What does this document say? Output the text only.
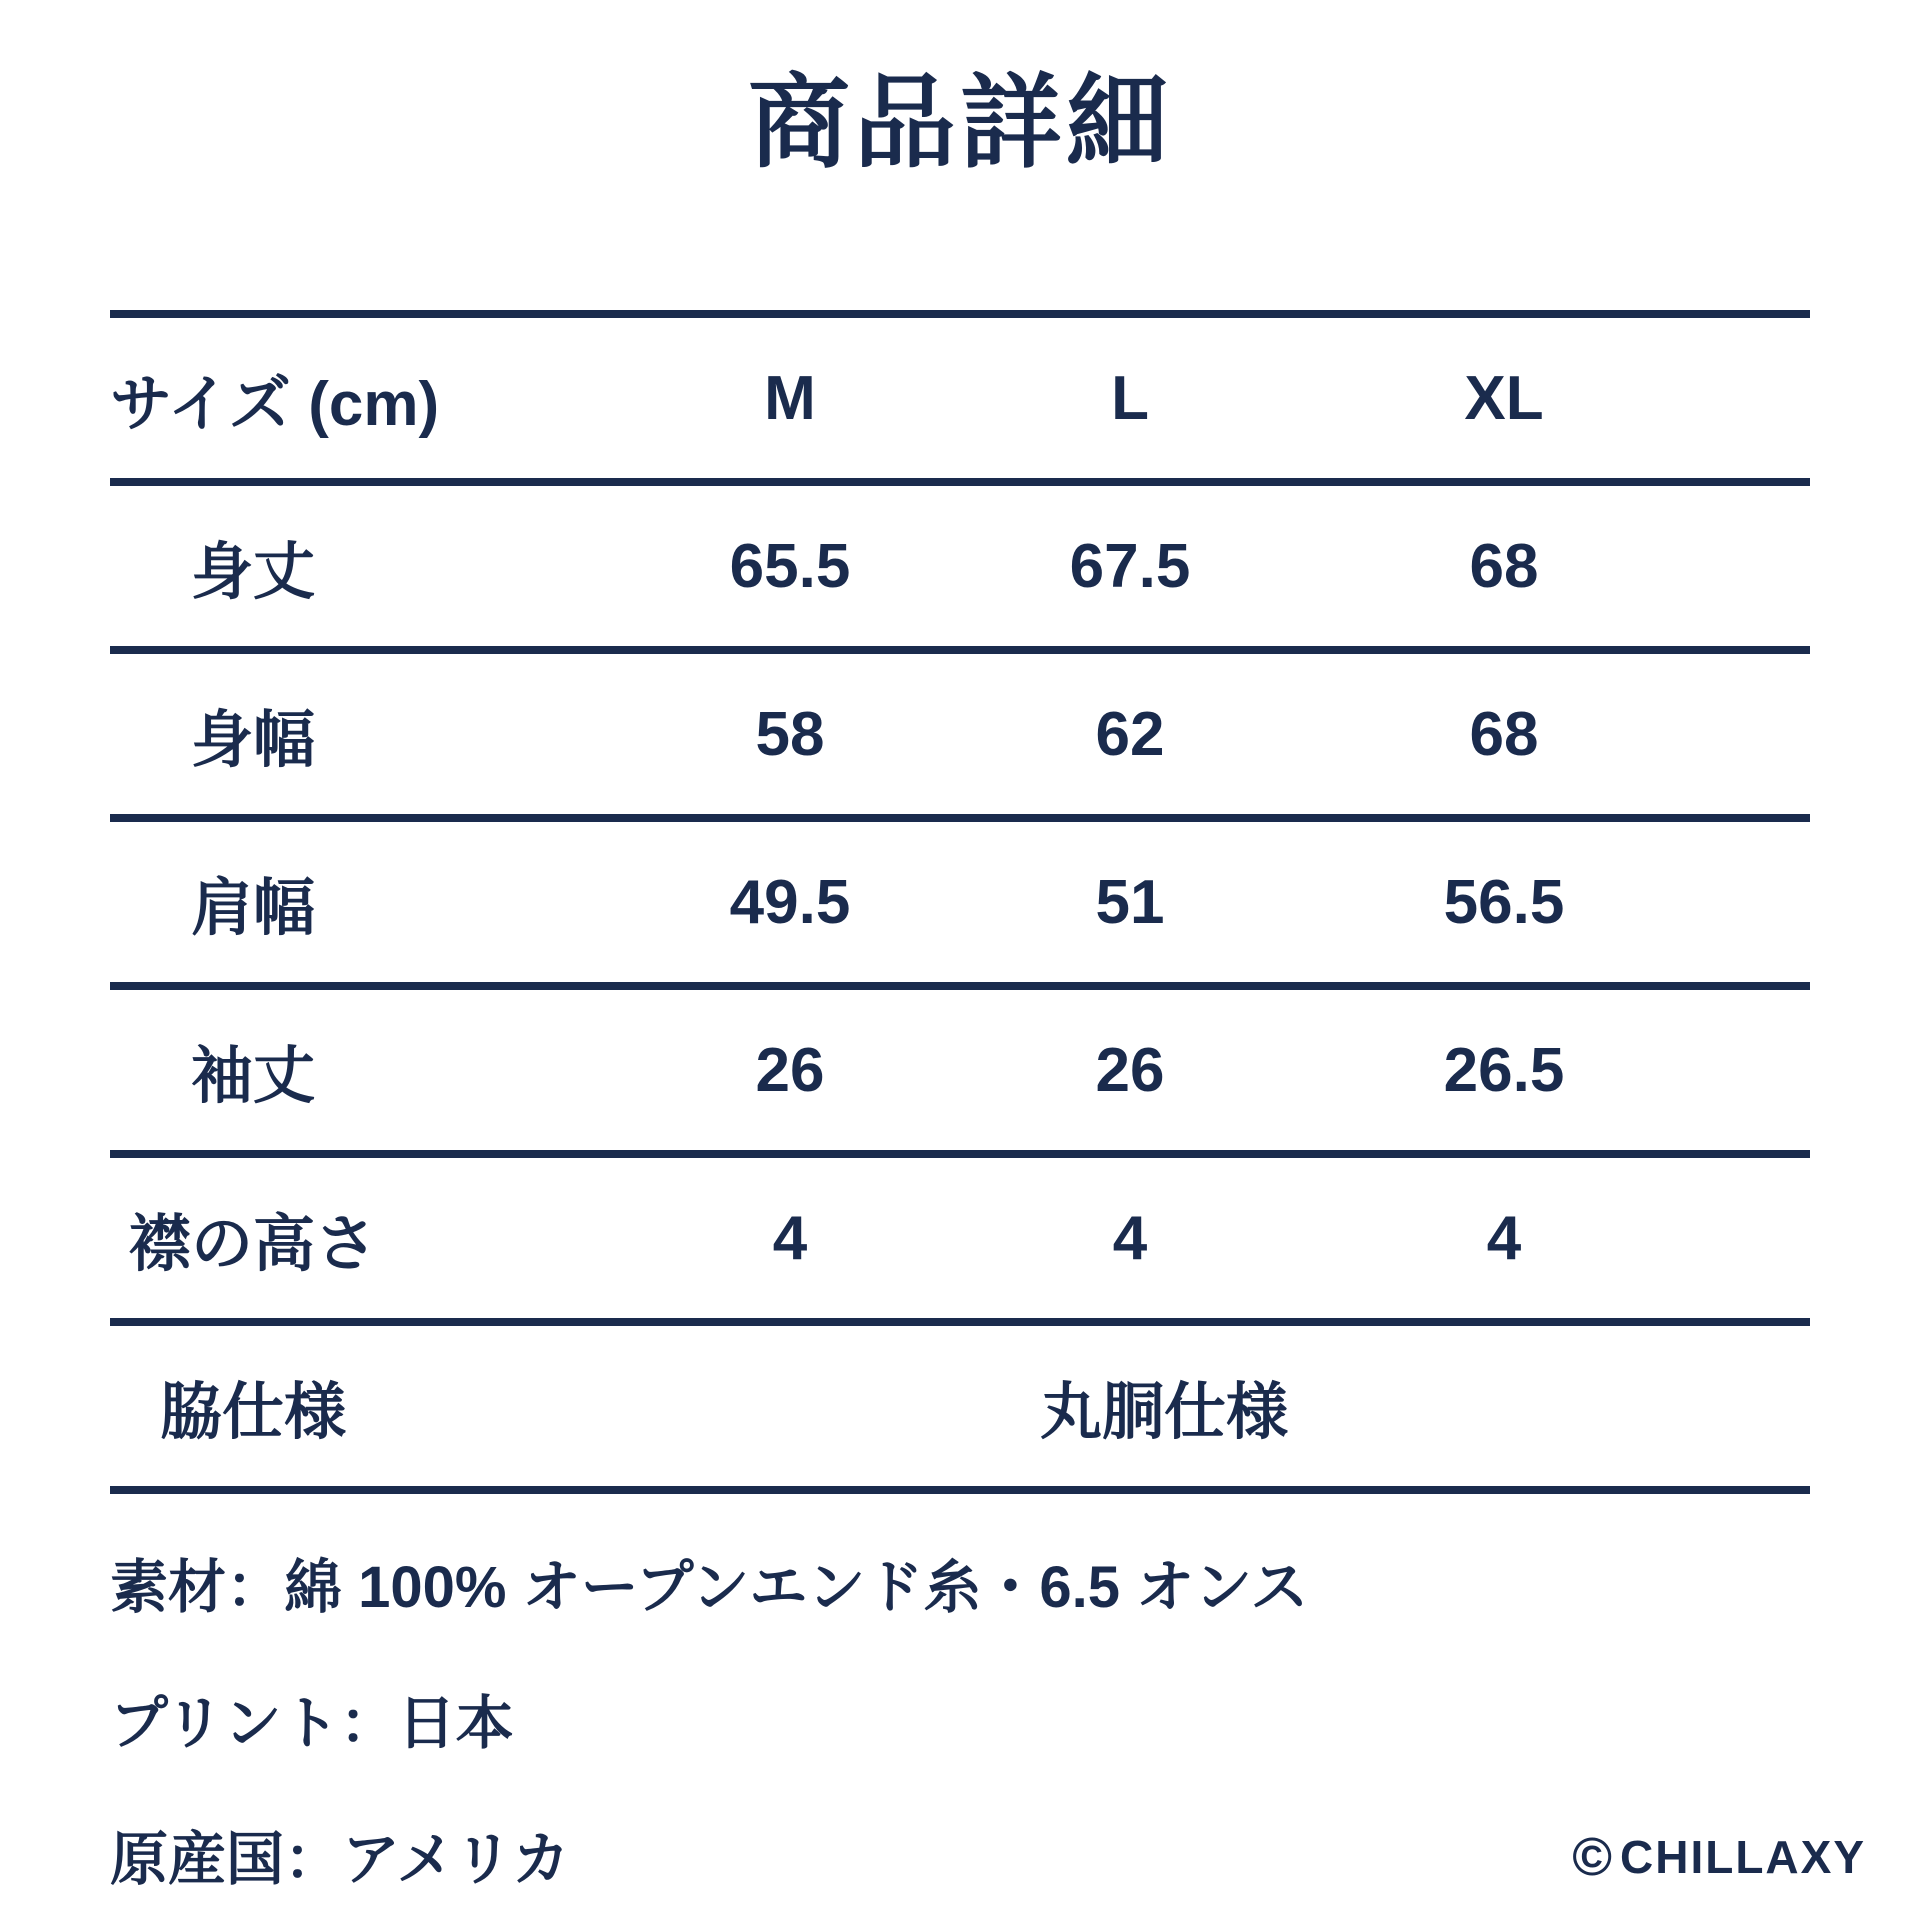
商品詳細
サイズ (cm)	M	L	XL	
身丈	65.5	67.5	68	
身幅	58	62	68	
肩幅	49.5	51	56.5	
袖丈	26	26	26.5	
襟の高さ	4	4	4	
脇仕様	丸胴仕様			

素材：綿 100% オープンエンド糸・6.5 オンス

プリント：日本

原産国：アメリカ	© CHILLAXY
